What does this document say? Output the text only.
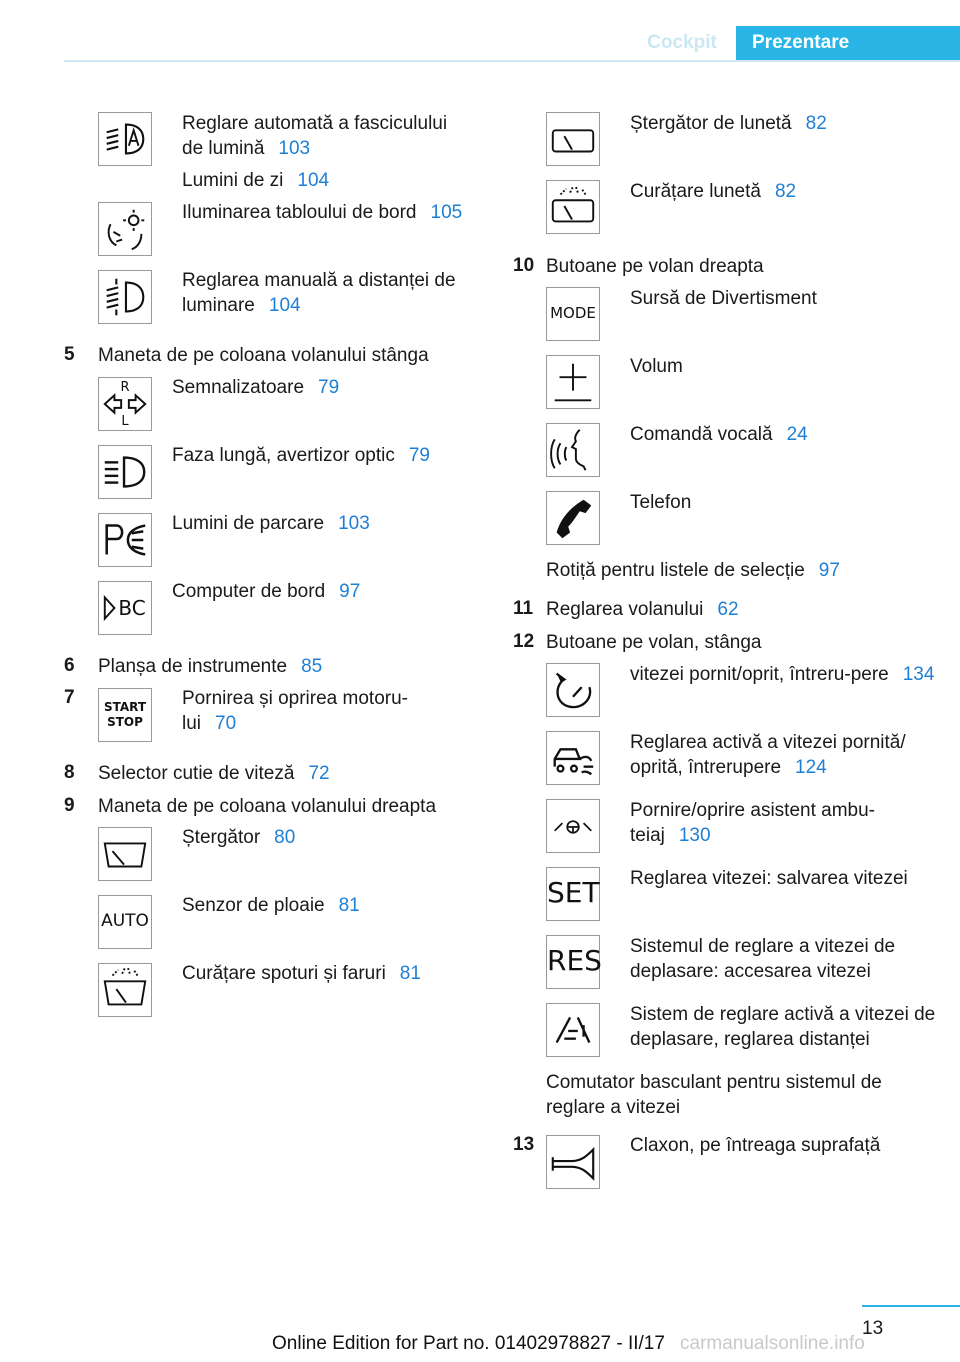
Cockpit	Prezentare
Reglare automată a fasciculului de lumină 103
Lumini de zi 104
Iluminarea tabloului de bord 105
Reglarea manuală a distanței de luminare 104
5 Maneta de pe coloana volanului stânga
R
L
Semnalizatoare 79
Faza lungă, avertizor optic 79
Lumini de parcare 103
BC
Computer de bord 97
6 Planșa de instrumente 85
7	START
STOP
Pornirea și oprirea motoru-lui 70
8 Selector cutie de viteză 72
9 Maneta de pe coloana volanului dreapta
Ștergător 80
AUTO
Senzor de ploaie 81
Curățare spoturi și faruri 81
Ștergător de lunetă 82
Curățare lunetă 82
10 Butoane pe volan dreapta
MODE
Sursă de Divertisment
Volum
Comandă vocală 24
Telefon
Rotiță pentru listele de selecție 97
11 Reglarea volanului 62
12 Butoane pe volan, stânga
vitezei pornit/oprit, întreru-pere 134
Reglarea activă a vitezei pornită/ oprită, întrerupere 124
Pornire/oprire asistent ambu-teiaj 130
SET Reglarea vitezei: salvarea vitezei
RES Sistemul de reglare a vitezei de deplasare: accesarea vitezei
Sistem de reglare activă a vitezei de deplasare, reglarea distanței
Comutator basculant pentru sistemul de reglare a vitezei
13	Claxon, pe întreaga suprafață
13
Online Edition for Part no. 01402978827 - II/17 carmanualsonline.info
